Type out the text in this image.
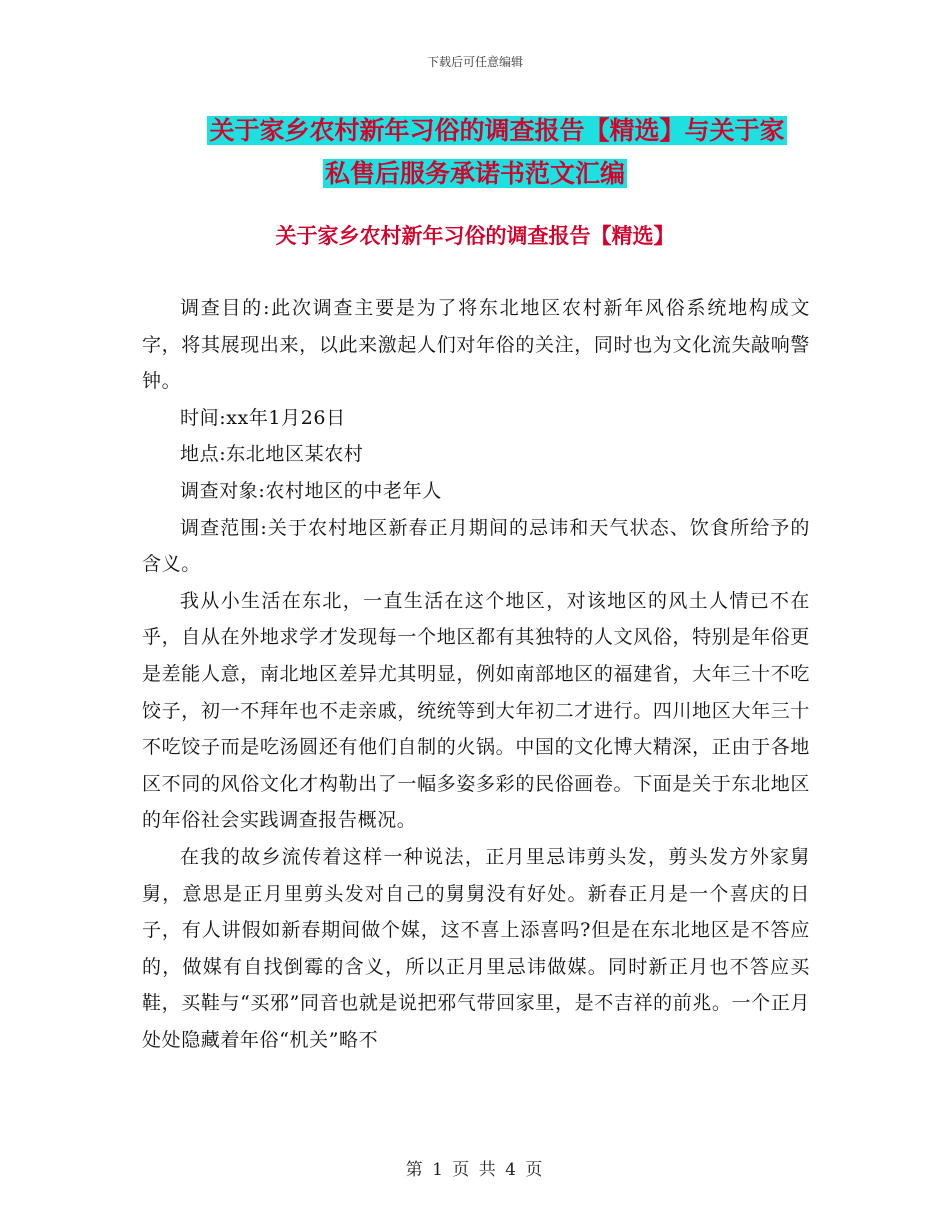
下载后可任意编辑
关于家乡农村新年习俗的调查报告【精选】与关于家
私售后服务承诺书范文汇编
关于家乡农村新年习俗的调查报告【精选】

调查目的:此次调查主要是为了将东北地区农村新年风俗系统地构成文字，将其展现出来，以此来激起人们对年俗的关注，同时也为文化流失敲响警钟。

时间:xx年1月26日

地点:东北地区某农村

调查对象:农村地区的中老年人

调查范围:关于农村地区新春正月期间的忌讳和天气状态、饮食所给予的含义。

我从小生活在东北，一直生活在这个地区，对该地区的风土人情已不在乎，自从在外地求学才发现每一个地区都有其独特的人文风俗，特别是年俗更是差能人意，南北地区差异尤其明显，例如南部地区的福建省，大年三十不吃饺子，初一不拜年也不走亲戚，统统等到大年初二才进行。四川地区大年三十不吃饺子而是吃汤圆还有他们自制的火锅。中国的文化博大精深，正由于各地区不同的风俗文化才构勒出了一幅多姿多彩的民俗画卷。下面是关于东北地区的年俗社会实践调查报告概况。

在我的故乡流传着这样一种说法，正月里忌讳剪头发，剪头发方外家舅舅，意思是正月里剪头发对自己的舅舅没有好处。新春正月是一个喜庆的日子，有人讲假如新春期间做个媒，这不喜上添喜吗?但是在东北地区是不答应的，做媒有自找倒霉的含义，所以正月里忌讳做媒。同时新正月也不答应买鞋，买鞋与“买邪”同音也就是说把邪气带回家里，是不吉祥的前兆。一个正月处处隐藏着年俗“机关”略不

第 1 页 共 4 页
